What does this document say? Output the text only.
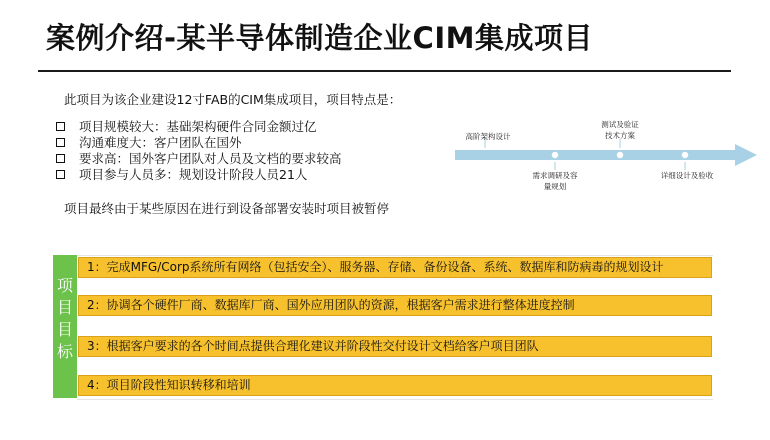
案例介绍-某半导体制造企业CIM集成项目
此项目为该企业建设12寸FAB的CIM集成项目，项目特点是：
项目规模较大：基础架构硬件合同金额过亿
沟通难度大：客户团队在国外
要求高：国外客户团队对人员及文档的要求较高
项目参与人员多：规划设计阶段人员21人
项目最终由于某些原因在进行到设备部署安装时项目被暂停
高阶架构设计
需求调研及容量规划
测试及验证技术方案
详细设计及验收
项目目标
1：完成MFG/Corp系统所有网络（包括安全）、服务器、存储、备份设备、系统、数据库和防病毒的规划设计
2：协调各个硬件厂商、数据库厂商、国外应用团队的资源，根据客户需求进行整体进度控制
3：根据客户要求的各个时间点提供合理化建议并阶段性交付设计文档给客户项目团队
4：项目阶段性知识转移和培训
